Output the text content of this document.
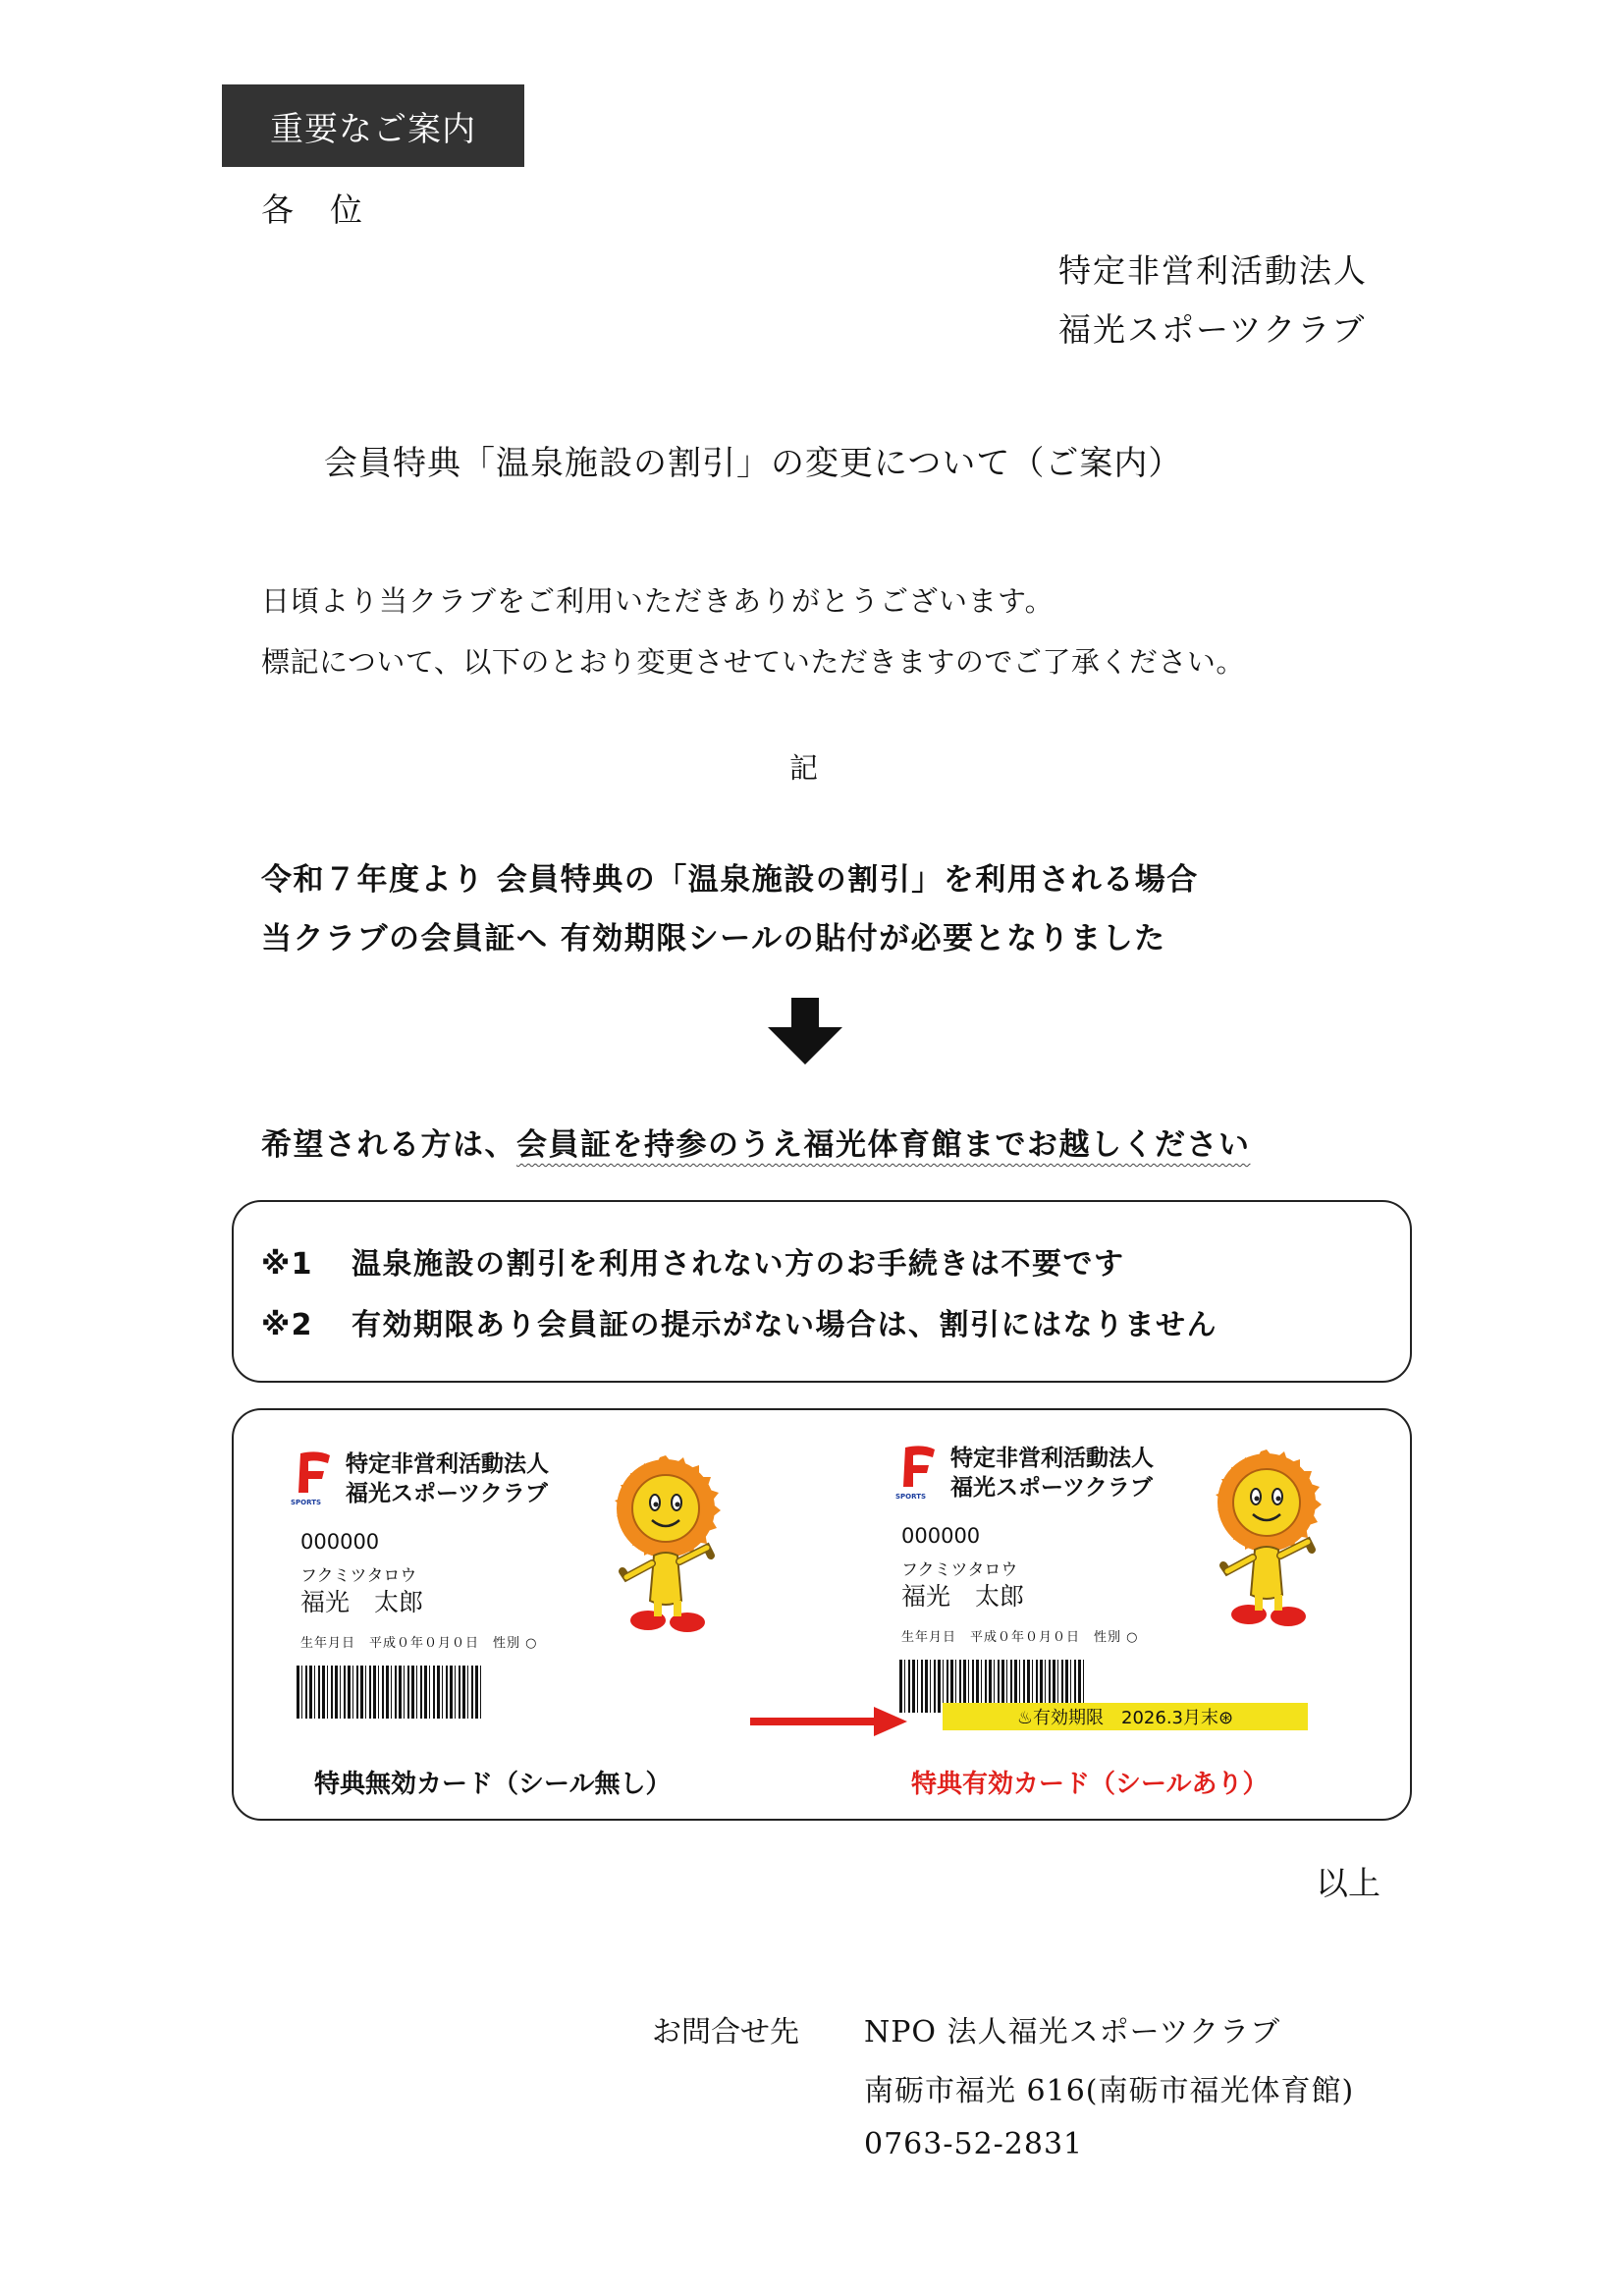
重要なご案内
各　位
特定非営利活動法人
福光スポーツクラブ
会員特典「温泉施設の割引」の変更について（ご案内）
日頃より当クラブをご利用いただきありがとうございます。
標記について、以下のとおり変更させていただきますのでご了承ください。
記
令和７年度より 会員特典の「温泉施設の割引」を利用される場合
当クラブの会員証へ 有効期限シールの貼付が必要となりました
希望される方は、会員証を持参のうえ福光体育館までお越しください
※1 温泉施設の割引を利用されない方のお手続きは不要です
※2 有効期限あり会員証の提示がない場合は、割引にはなりません
SPORTS
特定非営利活動法人
福光スポーツクラブ
000000
フクミツタロウ
福光　太郎
生年月日　平成０年０月０日　性別 ○
特典無効カード（シール無し）
SPORTS
特定非営利活動法人
福光スポーツクラブ
000000
フクミツタロウ
福光　太郎
生年月日　平成０年０月０日　性別 ○
♨有効期限　2026.3月末⊛
特典有効カード（シールあり）
以上
お問合せ先 NPO 法人福光スポーツクラブ
南砺市福光 616(南砺市福光体育館)
0763-52-2831
